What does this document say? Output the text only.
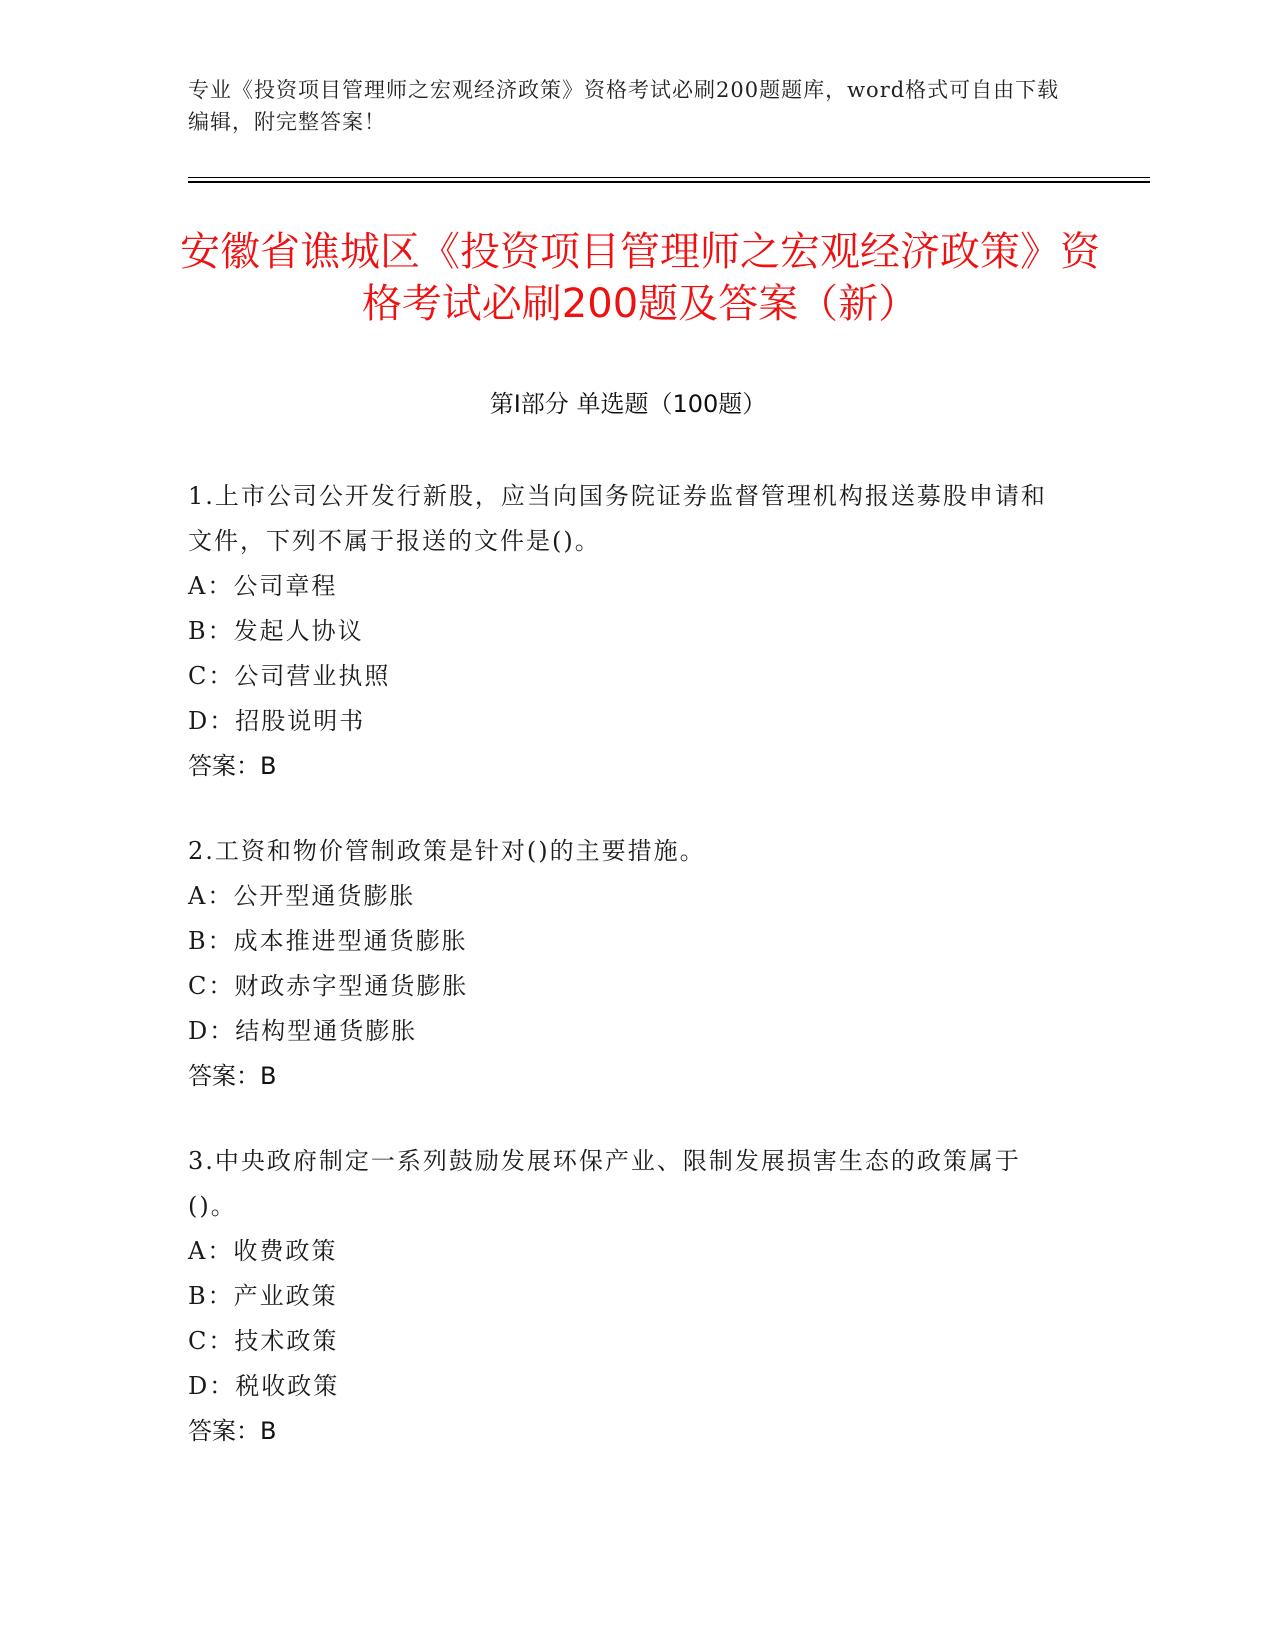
专业《投资项目管理师之宏观经济政策》资格考试必刷200题题库，word格式可自由下载编辑，附完整答案！
安徽省谯城区《投资项目管理师之宏观经济政策》资格考试必刷200题及答案（新）
第Ⅰ部分 单选题（100题）
1.上市公司公开发行新股，应当向国务院证券监督管理机构报送募股申请和文件，下列不属于报送的文件是()。
A：公司章程
B：发起人协议
C：公司营业执照
D：招股说明书
答案：B
2.工资和物价管制政策是针对()的主要措施。
A：公开型通货膨胀
B：成本推进型通货膨胀
C：财政赤字型通货膨胀
D：结构型通货膨胀
答案：B
3.中央政府制定一系列鼓励发展环保产业、限制发展损害生态的政策属于()。
A：收费政策
B：产业政策
C：技术政策
D：税收政策
答案：B
